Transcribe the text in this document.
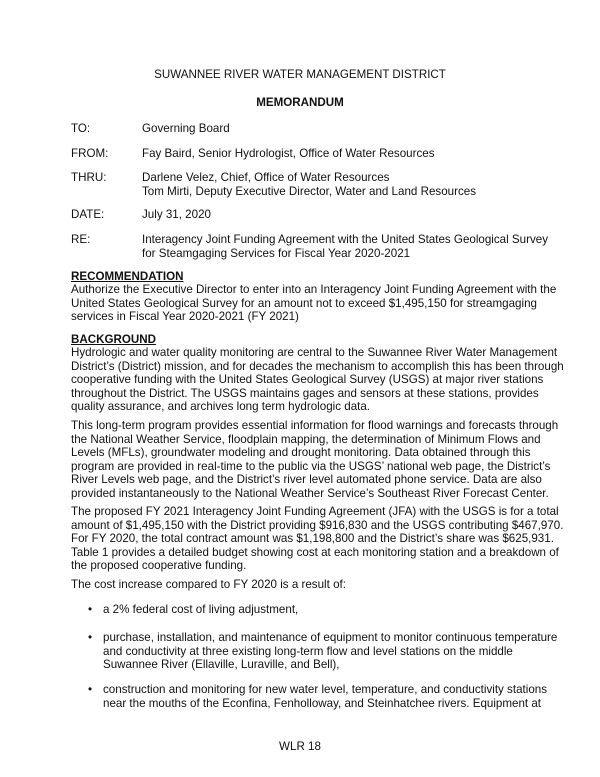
SUWANNEE RIVER WATER MANAGEMENT DISTRICT
MEMORANDUM
TO:	Governing Board
FROM:	Fay Baird, Senior Hydrologist, Office of Water Resources
THRU:	Darlene Velez, Chief, Office of Water Resources
Tom Mirti, Deputy Executive Director, Water and Land Resources
DATE:	July 31, 2020
RE:	Interagency Joint Funding Agreement with the United States Geological Survey
for Steamgaging Services for Fiscal Year 2020-2021
RECOMMENDATION
Authorize the Executive Director to enter into an Interagency Joint Funding Agreement with the
United States Geological Survey for an amount not to exceed $1,495,150 for streamgaging
services in Fiscal Year 2020-2021 (FY 2021)
BACKGROUND
Hydrologic and water quality monitoring are central to the Suwannee River Water Management
District’s (District) mission, and for decades the mechanism to accomplish this has been through
cooperative funding with the United States Geological Survey (USGS) at major river stations
throughout the District. The USGS maintains gages and sensors at these stations, provides
quality assurance, and archives long term hydrologic data.
This long-term program provides essential information for flood warnings and forecasts through
the National Weather Service, floodplain mapping, the determination of Minimum Flows and
Levels (MFLs), groundwater modeling and drought monitoring. Data obtained through this
program are provided in real-time to the public via the USGS’ national web page, the District’s
River Levels web page, and the District’s river level automated phone service. Data are also
provided instantaneously to the National Weather Service’s Southeast River Forecast Center.
The proposed FY 2021 Interagency Joint Funding Agreement (JFA) with the USGS is for a total
amount of $1,495,150 with the District providing $916,830 and the USGS contributing $467,970.
For FY 2020, the total contract amount was $1,198,800 and the District’s share was $625,931.
Table 1 provides a detailed budget showing cost at each monitoring station and a breakdown of
the proposed cooperative funding.
The cost increase compared to FY 2020 is a result of:
• a 2% federal cost of living adjustment,
• purchase, installation, and maintenance of equipment to monitor continuous temperature
and conductivity at three existing long-term flow and level stations on the middle
Suwannee River (Ellaville, Luraville, and Bell),
• construction and monitoring for new water level, temperature, and conductivity stations
near the mouths of the Econfina, Fenholloway, and Steinhatchee rivers. Equipment at
WLR 18
